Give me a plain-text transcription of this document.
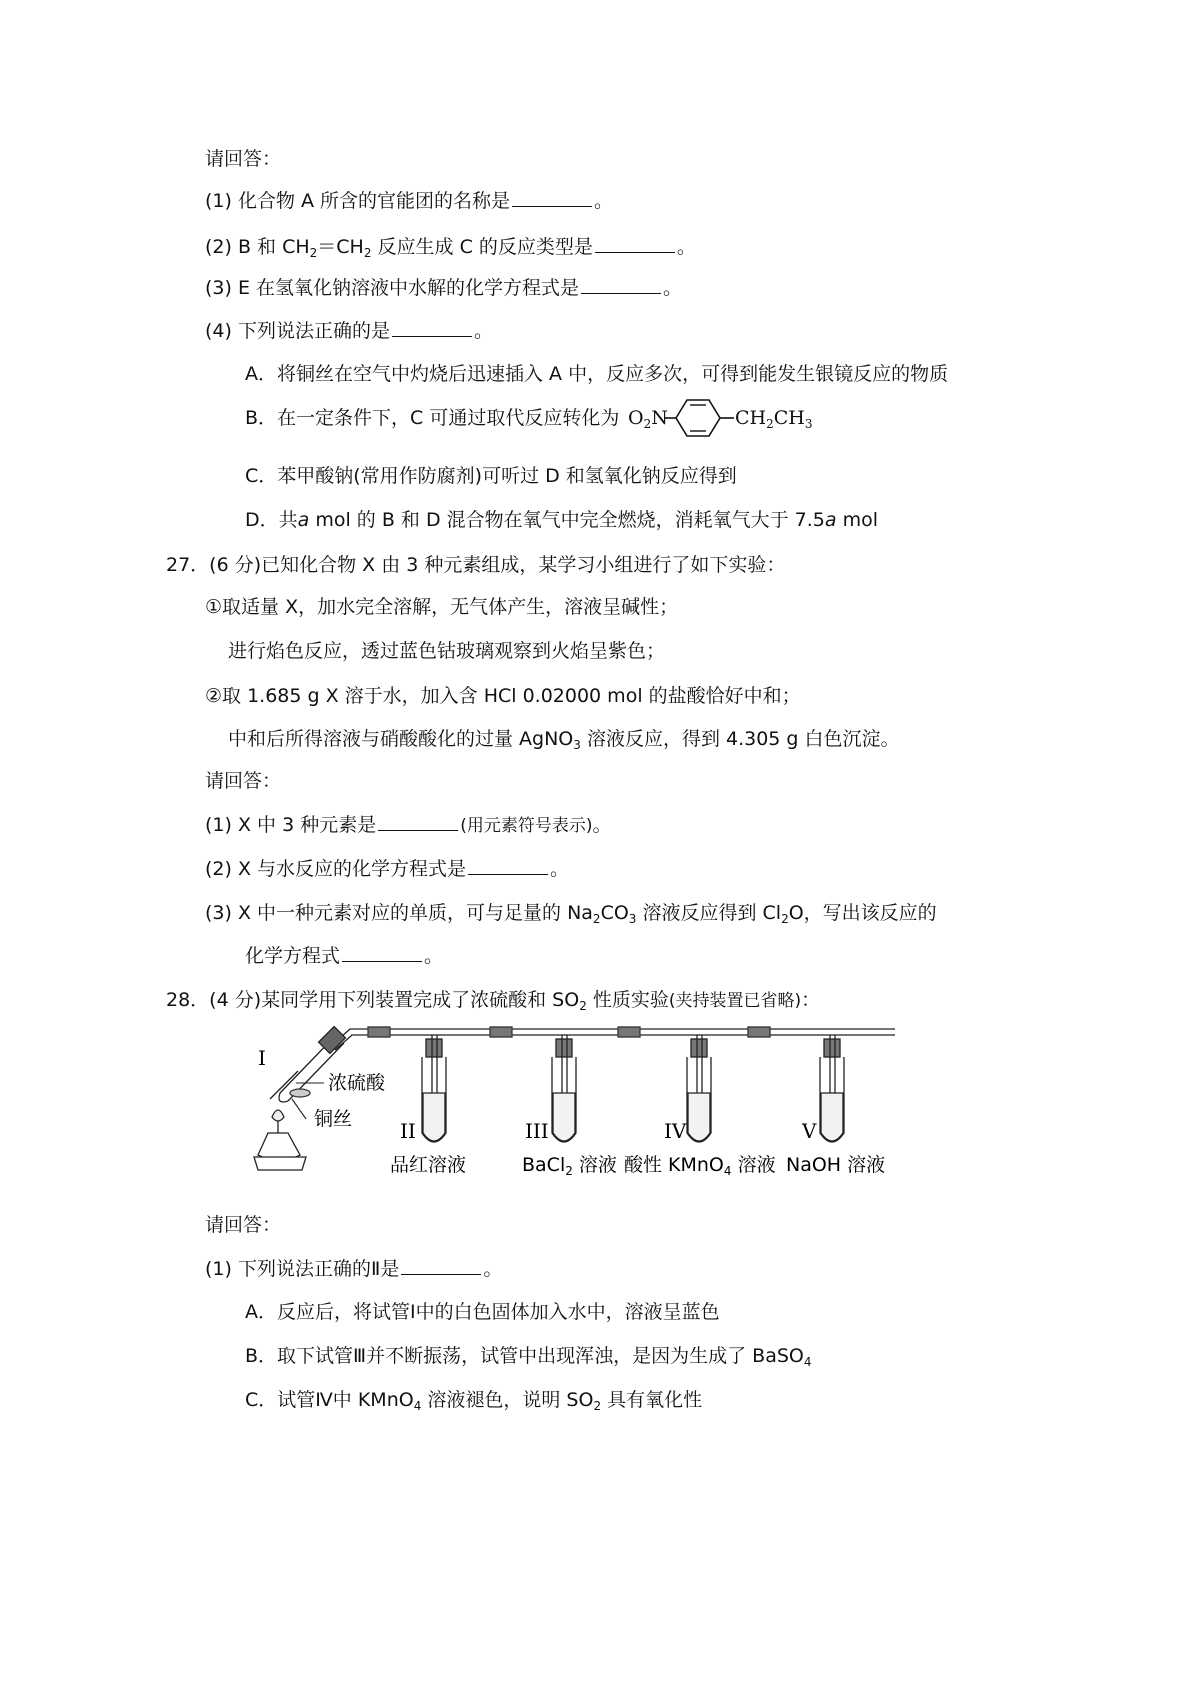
请回答：
(1) 化合物 A 所含的官能团的名称是	。
(2) B 和 $CH_2=CH_2$ 反应生成 C 的反应类型是	。
(3) E 在氢氧化钠溶液中水解的化学方程式是	。
(4) 下列说法正确的是	。
A．将铜丝在空气中灼烧后迅速插入 A 中，反应多次，可得到能发生银镜反应的物质
B．在一定条件下，C 可通过取代反应转化为 $O_2N$	$CH_2CH_3$
C．苯甲酸钠(常用作防腐剂)可听过 D 和氢氧化钠反应得到
D．共a mol 的 B 和 D 混合物在氧气中完全燃烧，消耗氧气大于 7.5a mol
27．(6 分)已知化合物 X 由 3 种元素组成，某学习小组进行了如下实验：
①取适量 X，加水完全溶解，无气体产生，溶液呈碱性；
进行焰色反应，透过蓝色钴玻璃观察到火焰呈紫色；
②取 1.685 g X 溶于水，加入含 HCl 0.02000 mol 的盐酸恰好中和；
中和后所得溶液与硝酸酸化的过量 AgNO$_3$ 溶液反应，得到 4.305 g 白色沉淀。
请回答：
(1) X 中 3 种元素是	(用元素符号表示)。
(2) X 与水反应的化学方程式是	。
(3) X 中一种元素对应的单质，可与足量的 $Na_2CO_3$ 溶液反应得到 $Cl_2O$，写出该反应的
化学方程式	。
28．(4 分)某同学用下列装置完成了浓硫酸和 $SO_2$ 性质实验(夹持装置已省略)：
I
浓硫酸
铜丝 II	III	IV	V
品红溶液	BaCl$_2$ 溶液 酸性 KMnO$_4$ 溶液 NaOH 溶液
请回答：
(1) 下列说法正确的Ⅱ是	。
A．反应后，将试管Ⅰ中的白色固体加入水中，溶液呈蓝色
B．取下试管Ⅲ并不断振荡，试管中出现浑浊，是因为生成了 BaSO$_4$
C．试管Ⅳ中 KMnO$_4$ 溶液褪色，说明 $SO_2$ 具有氧化性
